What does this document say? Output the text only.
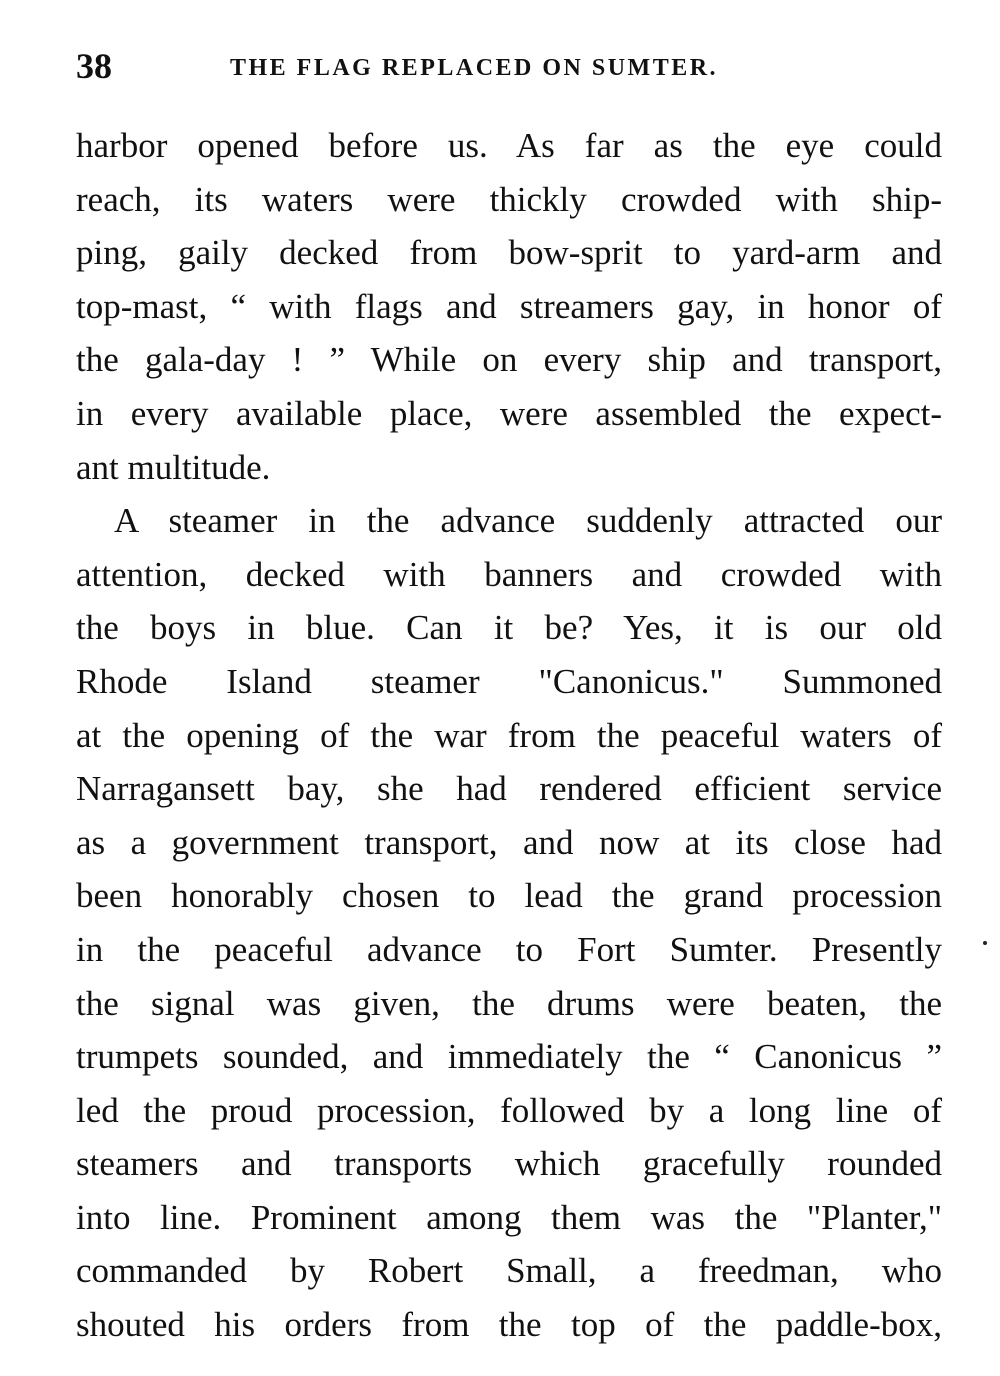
38	THE FLAG REPLACED ON SUMTER.
harbor opened before us. As far as the eye could
reach, its waters were thickly crowded with ship-
ping, gaily decked from bow-sprit to yard-arm and
top-mast, “ with flags and streamers gay, in honor of
the gala-day ! ” While on every ship and transport,
in every available place, were assembled the expect-
ant multitude.
A steamer in the advance suddenly attracted our
attention, decked with banners and crowded with
the boys in blue. Can it be? Yes, it is our old
Rhode Island steamer "Canonicus." Summoned
at the opening of the war from the peaceful waters of
Narragansett bay, she had rendered efficient service
as a government transport, and now at its close had
been honorably chosen to lead the grand procession
in the peaceful advance to Fort Sumter. Presently
the signal was given, the drums were beaten, the
trumpets sounded, and immediately the “ Canonicus ”
led the proud procession, followed by a long line of
steamers and transports which gracefully rounded
into line. Prominent among them was the "Planter,"
commanded by Robert Small, a freedman, who
shouted his orders from the top of the paddle-box,
